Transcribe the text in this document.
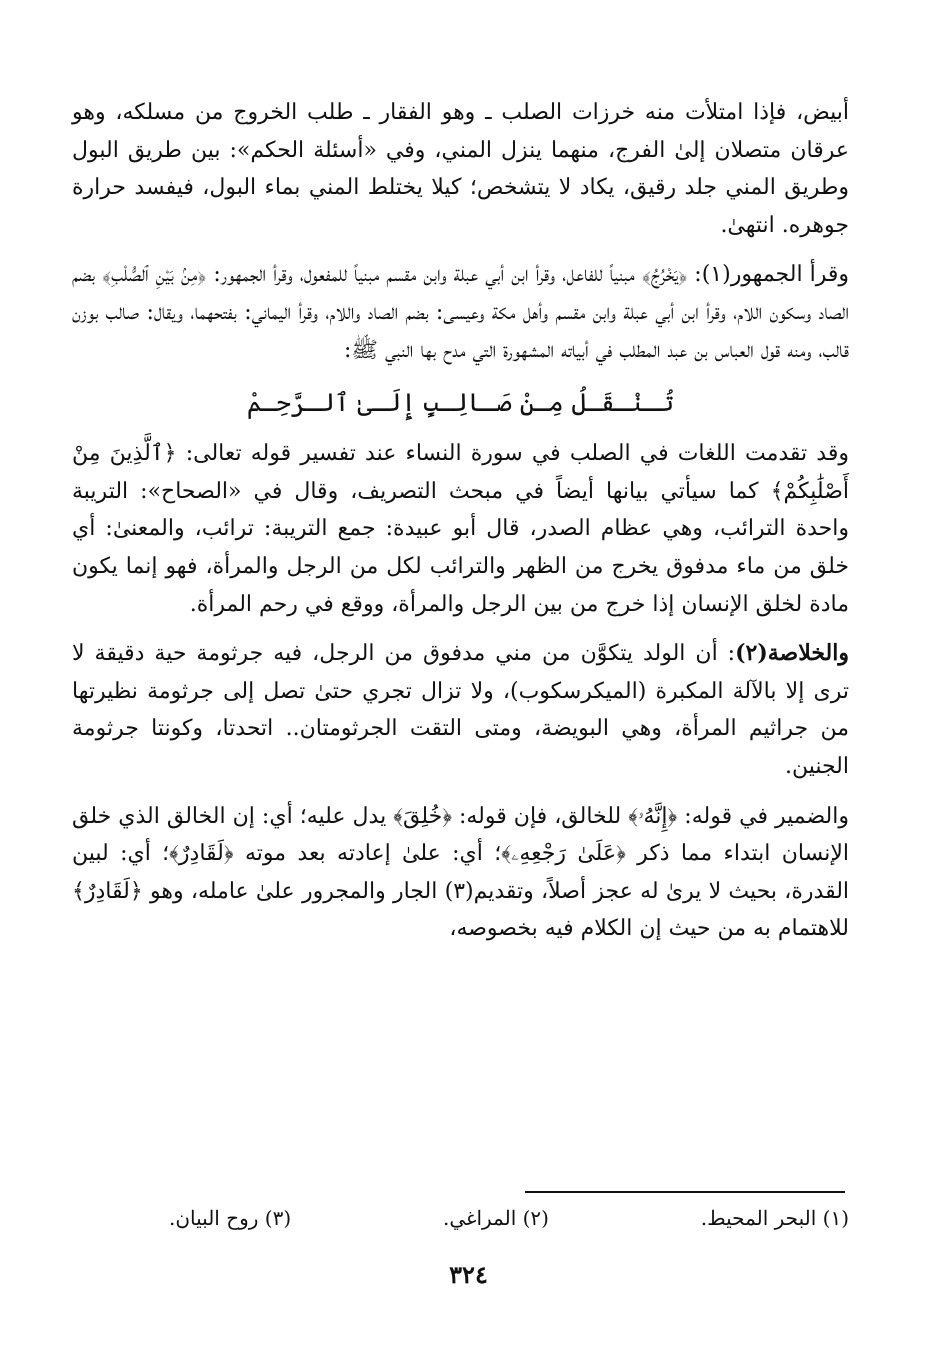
أبيض، فإذا امتلأت منه خرزات الصلب ـ وهو الفقار ـ طلب الخروج من مسلكه، وهو عرقان متصلان إلىٰ الفرج، منهما ينزل المني، وفي «أسئلة الحكم»: بين طريق البول وطريق المني جلد رقيق، يكاد لا يتشخص؛ كيلا يختلط المني بماء البول، فيفسد حرارة جوهره. انتهىٰ.

وقرأ الجمهور(١): ﴿يَخْرُجُ﴾ مبنياً للفاعل، وقرأ ابن أبي عبلة وابن مقسم مبنياً للمفعول، وقرأ الجمهور: ﴿مِنۢ بَيْنِ ٱلصُّلْبِ﴾ بضم الصاد وسكون اللام، وقرأ ابن أبي عبلة وابن مقسم وأهل مكة وعيسى: بضم الصاد واللام، وقرأ اليماني: بفتحهما، ويقال: صالب بوزن قالب، ومنه قول العباس بن عبد المطلب في أبياته المشهورة التي مدح بها النبي ﷺ:

تُـنْـقَـلُ مِـنْ صَـالِـبٍ إِلَـىٰ ٱلـرَّحِـمْ

وقد تقدمت اللغات في الصلب في سورة النساء عند تفسير قوله تعالى: ﴿ٱلَّذِينَ مِنْ أَصْلَٰبِكُمْ﴾ كما سيأتي بيانها أيضاً في مبحث التصريف، وقال في «الصحاح»: التريبة واحدة الترائب، وهي عظام الصدر، قال أبو عبيدة: جمع التريبة: ترائب، والمعنىٰ: أي خلق من ماء مدفوق يخرج من الظهر والترائب لكل من الرجل والمرأة، فهو إنما يكون مادة لخلق الإنسان إذا خرج من بين الرجل والمرأة، ووقع في رحم المرأة.

والخلاصة(٢): أن الولد يتكوَّن من مني مدفوق من الرجل، فيه جرثومة حية دقيقة لا ترى إلا بالآلة المكبرة (الميكرسكوب)، ولا تزال تجري حتىٰ تصل إلى جرثومة نظيرتها من جراثيم المرأة، وهي البويضة، ومتى التقت الجرثومتان.. اتحدتا، وكونتا جرثومة الجنين.

والضمير في قوله: ﴿إِنَّهُۥ﴾ للخالق، فإن قوله: ﴿خُلِقَ﴾ يدل عليه؛ أي: إن الخالق الذي خلق الإنسان ابتداء مما ذكر ﴿عَلَىٰ رَجْعِهِۦ﴾؛ أي: علىٰ إعادته بعد موته ﴿لَقَادِرٌ﴾؛ أي: لبين القدرة، بحيث لا يرىٰ له عجز أصلاً، وتقديم(٣) الجار والمجرور علىٰ عامله، وهو ﴿لَقَادِرٌ﴾ للاهتمام به من حيث إن الكلام فيه بخصوصه،

(١) البحر المحيط.
(٢) المراغي.
(٣) روح البيان.
٣٢٤
